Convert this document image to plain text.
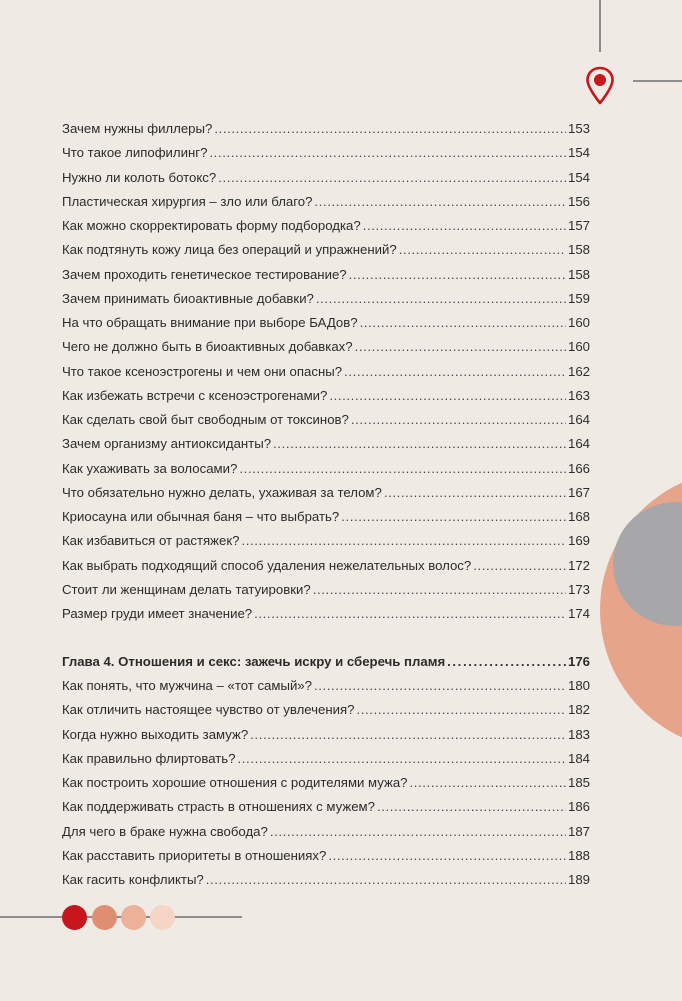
Зачем нужны филлеры? .....	153
Что такое липофилинг? .....	154
Нужно ли колоть ботокс? .....	154
Пластическая хирургия – зло или благо? .....	156
Как можно скорректировать форму подбородка? .....	157
Как подтянуть кожу лица без операций и упражнений? .....	158
Зачем проходить генетическое тестирование? .....	158
Зачем принимать биоактивные добавки? .....	159
На что обращать внимание при выборе БАДов? .....	160
Чего не должно быть в биоактивных добавках? .....	160
Что такое ксеноэстрогены и чем они опасны? .....	162
Как избежать встречи с ксеноэстрогенами? .....	163
Как сделать свой быт свободным от токсинов? .....	164
Зачем организму антиоксиданты? .....	164
Как ухаживать за волосами? .....	166
Что обязательно нужно делать, ухаживая за телом? .....	167
Криосауна или обычная баня – что выбрать? .....	168
Как избавиться от растяжек? .....	169
Как выбрать подходящий способ удаления нежелательных волос? .....	172
Стоит ли женщинам делать татуировки? .....	173
Размер груди имеет значение? .....	174
Глава 4. Отношения и секс: зажечь искру и сберечь пламя .....	176
Как понять, что мужчина – «тот самый»? .....	180
Как отличить настоящее чувство от увлечения? .....	182
Когда нужно выходить замуж? .....	183
Как правильно флиртовать? .....	184
Как построить хорошие отношения с родителями мужа? .....	185
Как поддерживать страсть в отношениях с мужем? .....	186
Для чего в браке нужна свобода? .....	187
Как расставить приоритеты в отношениях? .....	188
Как гасить конфликты? .....	189
